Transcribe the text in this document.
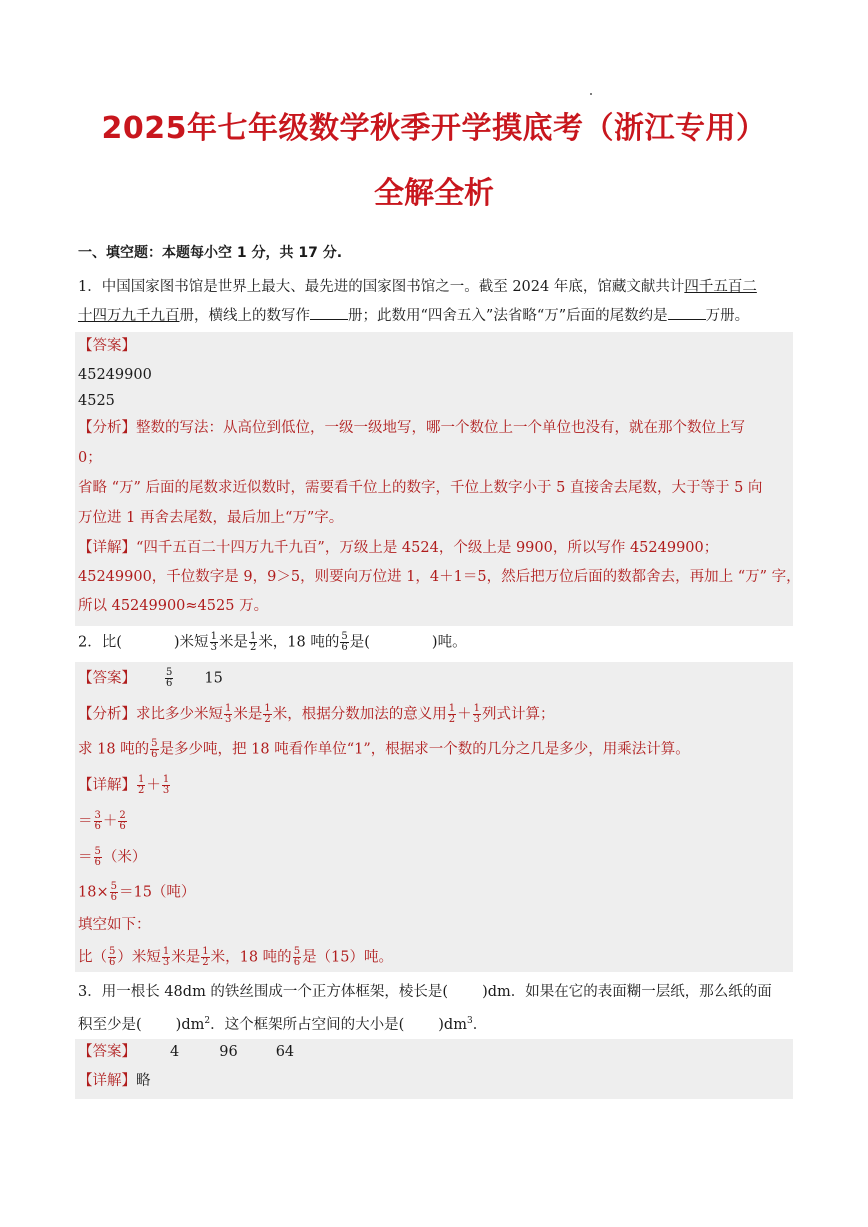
2025年七年级数学秋季开学摸底考（浙江专用）
全解全析
一、填空题：本题每小空 1 分，共 17 分.
1．中国国家图书馆是世界上最大、最先进的国家图书馆之一。截至 2024 年底，馆藏文献共计四千五百二
十四万九千九百册，横线上的数写作	册；此数用“四舍五入”法省略“万”后面的尾数约是	万册。
【答案】
45249900
4525
【分析】整数的写法：从高位到低位，一级一级地写，哪一个数位上一个单位也没有，就在那个数位上写
0；
省略 “万” 后面的尾数求近似数时，需要看千位上的数字，千位上数字小于 5 直接舍去尾数，大于等于 5 向
万位进 1 再舍去尾数，最后加上“万”字。
【详解】“四千五百二十四万九千九百”，万级上是 4524，个级上是 9900，所以写作 45249900；
45249900，千位数字是 9，9＞5，则要向万位进 1，4＋1＝5，然后把万位后面的数都舍去，再加上 “万” 字，
所以 45249900≈4525 万。
2．比(	)米短 $\frac{1}{3}$ 米是 $\frac{1}{2}$ 米，18 吨的 $\frac{5}{6}$ 是(	)吨。
【答案】	$\frac{5}{6} 15$
【分析】求比多少米短 $\frac{1}{3}$ 米是 $\frac{1}{2}$ 米，根据分数加法的意义用 $\frac{1}{2} + \frac{1}{3}$ 列式计算；
求 18 吨的 $\frac{5}{6}$ 是多少吨，把 18 吨看作单位“1”，根据求一个数的几分之几是多少，用乘法计算。
【详解】 $\frac{1}{2} + \frac{1}{3}$
＝ $\frac{3}{6} + \frac{2}{6}$
＝ $\frac{5}{6}$ （米）
$18\times \frac{5}{6} =15$（吨）
填空如下：
比（ $\frac{5}{6}$ ）米短 $\frac{1}{3}$ 米是 $\frac{1}{2}$ 米，18 吨的 $\frac{5}{6}$ 是（15）吨。
3．用一根长 48dm 的铁丝围成一个正方体框架，棱长是( )dm．如果在它的表面糊一层纸，那么纸的面
积至少是( )$dm^2$．这个框架所占空间的大小是( )$dm^3$．
【答案】 4	96	64
【详解】略
